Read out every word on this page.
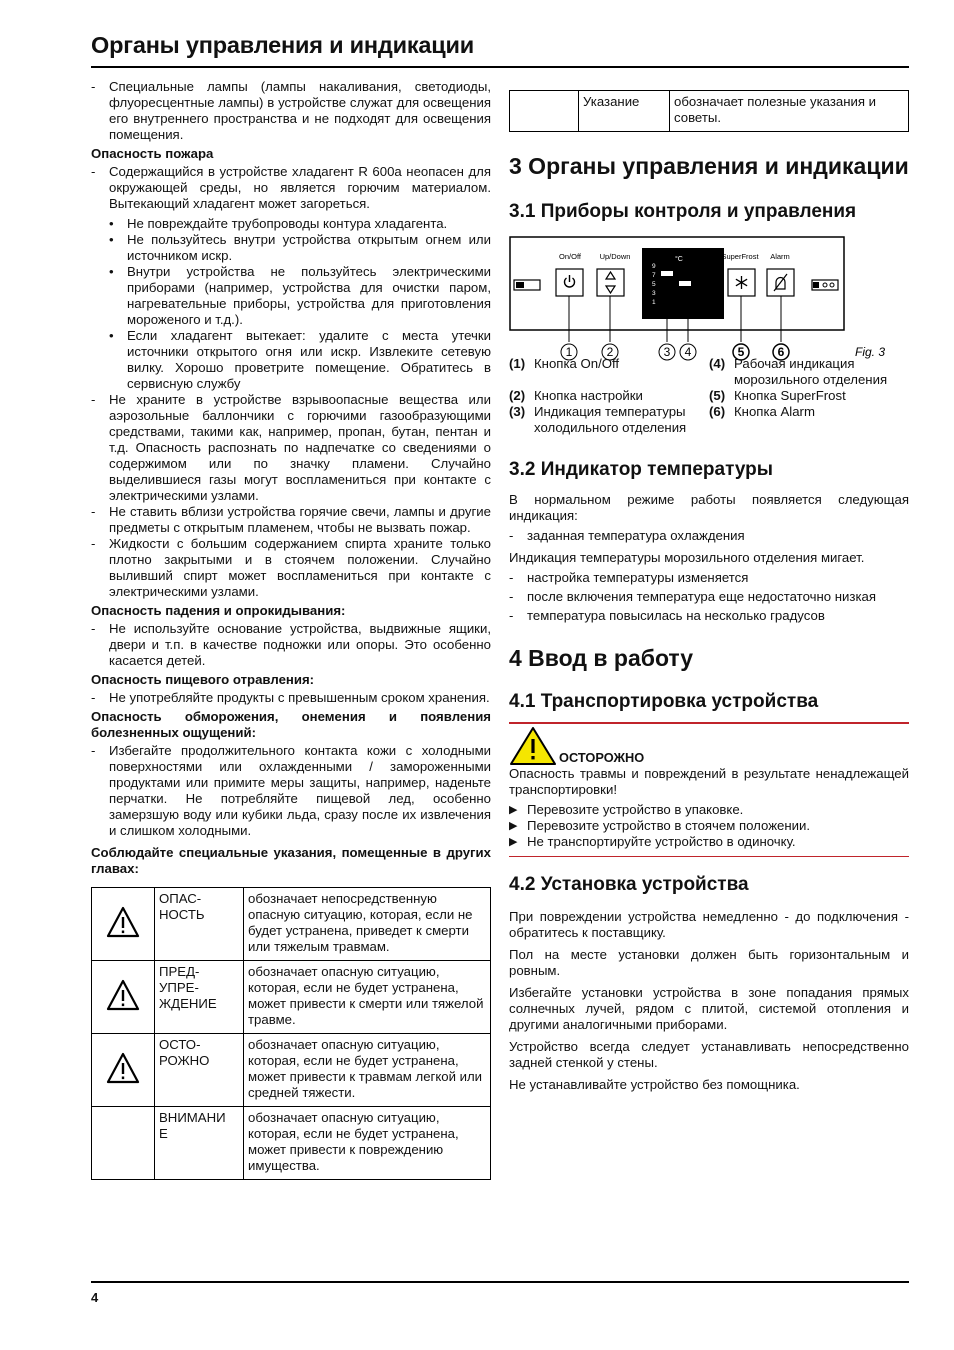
Органы управления и индикации

- Специальные лампы (лампы накаливания, светодиоды, флуоресцентные лампы) в устройстве служат для освещения его внутреннего пространства и не подходят для освещения помещения.

Опасность пожара

- Содержащийся в устройстве хладагент R 600a неопасен для окружающей среды, но является горючим материалом. Вытекающий хладагент может загореться.

• Не повреждайте трубопроводы контура хладагента.

• Не пользуйтесь внутри устройства открытым огнем или источником искр.

• Внутри устройства не пользуйтесь электрическими приборами (например, устройства для очистки паром, нагревательные приборы, устройства для приготовления мороженого и т.д.).

• Если хладагент вытекает: удалите с места утечки источники открытого огня или искр. Извлеките сетевую вилку. Хорошо проветрите помещение. Обратитесь в сервисную службу

- Не храните в устройстве взрывоопасные вещества или аэрозольные баллончики с горючими газообразующими средствами, такими как, например, пропан, бутан, пентан и т.д. Опасность распознать по надпечатке со сведениями о содержимом или по значку пламени. Случайно выделившиеся газы могут воспламениться при контакте с электрическими узлами.

- Не ставить вблизи устройства горячие свечи, лампы и другие предметы с открытым пламенем, чтобы не вызвать пожар.

- Жидкости с большим содержанием спирта храните только плотно закрытыми и в стоячем положении. Случайно выливший спирт может воспламениться при контакте с электрическими узлами.

Опасность падения и опрокидывания:

- Не используйте основание устройства, выдвижные ящики, двери и т.п. в качестве подножки или опоры. Это особенно касается детей.

Опасность пищевого отравления:

- Не употребляйте продукты с превышенным сроком хранения.

Опасность обморожения, онемения и появления болезненных ощущений:

- Избегайте продолжительного контакта кожи с холодными поверхностями или охлажденными / замороженными продуктами или примите меры защиты, например, наденьте перчатки. Не потребляйте пищевой лед, особенно замерзшую воду или кубики льда, сразу после их извлечения и слишком холодными.

Соблюдайте специальные указания, помещенные в других главах:
	ОПАС-
НОСТЬ	обозначает непосредственную опасную ситуацию, которая, если не будет устранена, приведет к смерти или тяжелым травмам.
	ПРЕД-
УПРЕ-
ЖДЕНИЕ	обозначает опасную ситуацию, которая, если не будет устранена, может привести к смерти или тяжелой травме.
	ОСТО-
РОЖНО	обозначает опасную ситуацию, которая, если не будет устранена, может привести к травмам легкой или средней тяжести.
	ВНИМАНИ
Е	обозначает опасную ситуацию, которая, если не будет устранена, может привести к повреждению имущества.
	Указание	обозначает полезные указания и советы.
3 Органы управления и индикации
3.1 Приборы контроля и управления
On/Off Up/Down	°C
9
7
5
3
1
SuperFrost Alarm
1	2	3 4	5	6	Fig. 3
(1) Кнопка On/Off	(4) Рабочая индикация морозильного отделения
(2) Кнопка настройки	(5) Кнопка SuperFrost
(3) Индикация температуры холодильного отделения
(6) Кнопка Alarm
3.2 Индикатор температуры

В нормальном режиме работы появляется следующая индикация:

- заданная температура охлаждения

Индикация температуры морозильного отделения мигает.

- настройка температуры изменяется

- после включения температура еще недостаточно низкая

- температура повысилась на несколько градусов

4 Ввод в работу
4.1 Транспортировка устройства
ОСТОРОЖНО

Опасность травмы и повреждений в результате ненадлежащей транспортировки!

▶ Перевозите устройство в упаковке.

▶ Перевозите устройство в стоячем положении.

▶ Не транспортируйте устройство в одиночку.

4.2 Установка устройства

При повреждении устройства немедленно - до подключения - обратитесь к поставщику.

Пол на месте установки должен быть горизонтальным и ровным.

Избегайте установки устройства в зоне попадания прямых солнечных лучей, рядом с плитой, системой отопления и другими аналогичными приборами.

Устройство всегда следует устанавливать непосредственно задней стенкой у стены.

Не устанавливайте устройство без помощника.

4
